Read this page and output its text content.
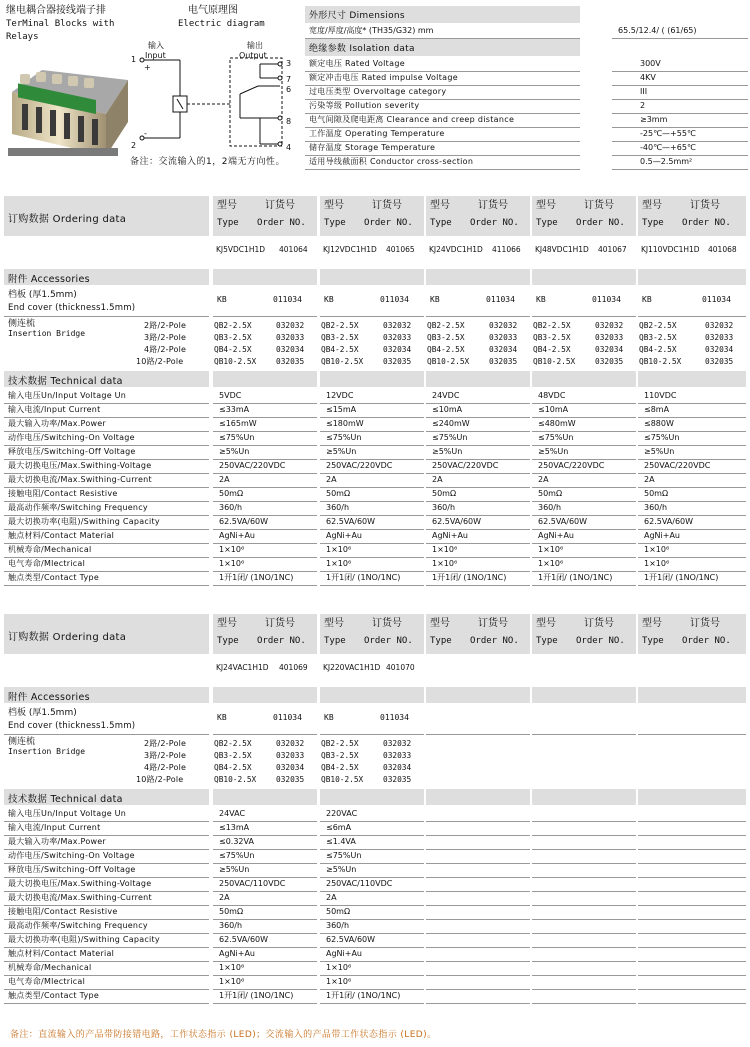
继电耦合器接线端子排
TerMinal Blocks with
Relays
电气原理图
Electric diagram
输入
Input
输出
Output
1
+
-
2
3
7
6
8
4
备注：交流输入的1，2端无方向性。
外形尺寸 Dimensions
宽度/厚度/高度* (TH35/G32) mm	65.5/12.4/ ( (61/65)
绝缘参数 Isolation data
额定电压 Rated Voltage	300V
额定冲击电压 Rated impulse Voltage	4KV
过电压类型 Overvoltage category	III
污染等级 Pollution severity	2
电气间隙及爬电距离 Clearance and creep distance	≥3mm
工作温度 Operating Temperature	-25℃—+55℃
储存温度 Storage Temperature	-40℃—+65℃
适用导线截面积 Conductor cross-section	0.5—2.5mm²
订购数据 Ordering data
型号	订货号
Type Order NO.
型号	订货号
Type Order NO.
型号	订货号
Type Order NO.
型号	订货号
Type Order NO.
型号	订货号
Type Order NO.
KJ5VDC1H1D 401064 KJ12VDC1H1D 401065 KJ24VDC1H1D 411066 KJ48VDC1H1D 401067 KJ110VDC1H1D 401068
附件 Accessories
档板 (厚1.5mm)
End cover (thickness1.5mm)
KB	011034	KB	011034	KB	011034	KB	011034	KB	011034
侧连梳
Insertion Bridge
2路/2-Pole	QB2-2.5X	032032 QB2-2.5X	032032 QB2-2.5X	032032 QB2-2.5X	032032 QB2-2.5X	032032
3路/2-Pole	QB3-2.5X	032033 QB3-2.5X	032033 QB3-2.5X	032033 QB3-2.5X	032033 QB3-2.5X	032033
4路/2-Pole	QB4-2.5X	032034 QB4-2.5X	032034 QB4-2.5X	032034 QB4-2.5X	032034 QB4-2.5X	032034
10路/2-Pole	QB10-2.5X	032035 QB10-2.5X	032035 QB10-2.5X	032035 QB10-2.5X	032035 QB10-2.5X	032035
技术数据 Technical data
输入电压Un/Input Voltage Un	5VDC	12VDC	24VDC	48VDC	110VDC
输入电流/Input Current	≤33mA	≤15mA	≤10mA	≤10mA	≤8mA
最大输入功率/Max.Power	≤165mW	≤180mW	≤240mW	≤480mW	≤880W
动作电压/Switching-On Voltage	≤75%Un	≤75%Un	≤75%Un	≤75%Un	≤75%Un
释放电压/Switching-Off Voltage	≥5%Un	≥5%Un	≥5%Un	≥5%Un	≥5%Un
最大切换电压/Max.Swithing-Voltage	250VAC/220VDC	250VAC/220VDC	250VAC/220VDC	250VAC/220VDC	250VAC/220VDC
最大切换电流/Max.Swithing-Current	2A	2A	2A	2A	2A
接触电阻/Contact Resistive	50mΩ	50mΩ	50mΩ	50mΩ	50mΩ
最高动作频率/Switching Frequency	360/h	360/h	360/h	360/h	360/h
最大切换功率(电阻)/Swithing Capacity	62.5VA/60W	62.5VA/60W	62.5VA/60W	62.5VA/60W	62.5VA/60W
触点材料/Contact Material	AgNi+Au	AgNi+Au	AgNi+Au	AgNi+Au	AgNi+Au
机械寿命/Mechanical	1×10⁶	1×10⁶	1×10⁶	1×10⁶	1×10⁶
电气寿命/Mlectrical	1×10⁶	1×10⁶	1×10⁶	1×10⁶	1×10⁶
触点类型/Contact Type	1开1闭/ (1NO/1NC)	1开1闭/ (1NO/1NC)	1开1闭/ (1NO/1NC)	1开1闭/ (1NO/1NC)	1开1闭/ (1NO/1NC)
订购数据 Ordering data
型号	订货号
Type Order NO.
型号	订货号
Type Order NO.
型号	订货号
Type Order NO.
型号	订货号
Type Order NO.
型号	订货号
Type Order NO.
KJ24VAC1H1D 401069 KJ220VAC1H1D 401070
附件 Accessories
档板 (厚1.5mm)
End cover (thickness1.5mm)
KB	011034	KB	011034
侧连梳
Insertion Bridge
2路/2-Pole	QB2-2.5X	032032 QB2-2.5X	032032
3路/2-Pole	QB3-2.5X	032033 QB3-2.5X	032033
4路/2-Pole	QB4-2.5X	032034 QB4-2.5X	032034
10路/2-Pole	QB10-2.5X	032035 QB10-2.5X	032035
技术数据 Technical data
输入电压Un/Input Voltage Un	24VAC	220VAC
输入电流/Input Current	≤13mA	≤6mA
最大输入功率/Max.Power	≤0.32VA	≤1.4VA
动作电压/Switching-On Voltage	≤75%Un	≤75%Un
释放电压/Switching-Off Voltage	≥5%Un	≥5%Un
最大切换电压/Max.Swithing-Voltage	250VAC/110VDC	250VAC/110VDC
最大切换电流/Max.Swithing-Current	2A	2A
接触电阻/Contact Resistive	50mΩ	50mΩ
最高动作频率/Switching Frequency	360/h	360/h
最大切换功率(电阻)/Swithing Capacity	62.5VA/60W	62.5VA/60W
触点材料/Contact Material	AgNi+Au	AgNi+Au
机械寿命/Mechanical	1×10⁶	1×10⁶
电气寿命/Mlectrical	1×10⁶	1×10⁶
触点类型/Contact Type	1开1闭/ (1NO/1NC)	1开1闭/ (1NO/1NC)
备注：直流输入的产品带防接错电路，工作状态指示 (LED)；交流输入的产品带工作状态指示 (LED)。
